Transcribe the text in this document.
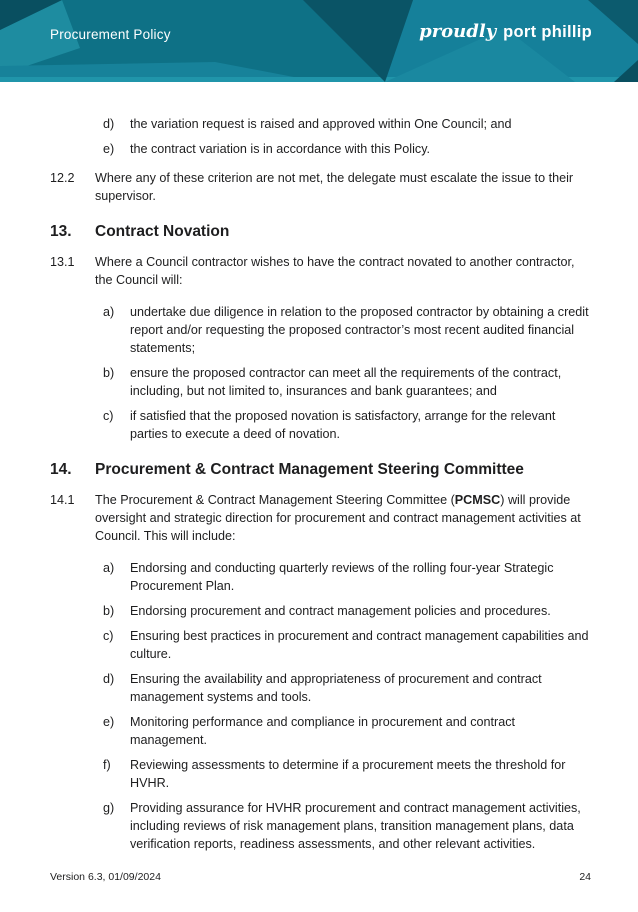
Procurement Policy	proudly port phillip
d)	the variation request is raised and approved within One Council; and
e)	the contract variation is in accordance with this Policy.
12.2	Where any of these criterion are not met, the delegate must escalate the issue to their supervisor.
13.	Contract Novation
13.1	Where a Council contractor wishes to have the contract novated to another contractor, the Council will:
a)	undertake due diligence in relation to the proposed contractor by obtaining a credit report and/or requesting the proposed contractor’s most recent audited financial statements;
b)	ensure the proposed contractor can meet all the requirements of the contract, including, but not limited to, insurances and bank guarantees; and
c)	if satisfied that the proposed novation is satisfactory, arrange for the relevant parties to execute a deed of novation.
14.	Procurement & Contract Management Steering Committee
14.1	The Procurement & Contract Management Steering Committee (PCMSC) will provide oversight and strategic direction for procurement and contract management activities at Council. This will include:
a)	Endorsing and conducting quarterly reviews of the rolling four-year Strategic Procurement Plan.
b)	Endorsing procurement and contract management policies and procedures.
c)	Ensuring best practices in procurement and contract management capabilities and culture.
d)	Ensuring the availability and appropriateness of procurement and contract management systems and tools.
e)	Monitoring performance and compliance in procurement and contract management.
f)	Reviewing assessments to determine if a procurement meets the threshold for HVHR.
g)	Providing assurance for HVHR procurement and contract management activities, including reviews of risk management plans, transition management plans, data verification reports, readiness assessments, and other relevant activities.
Version 6.3, 01/09/2024	24
